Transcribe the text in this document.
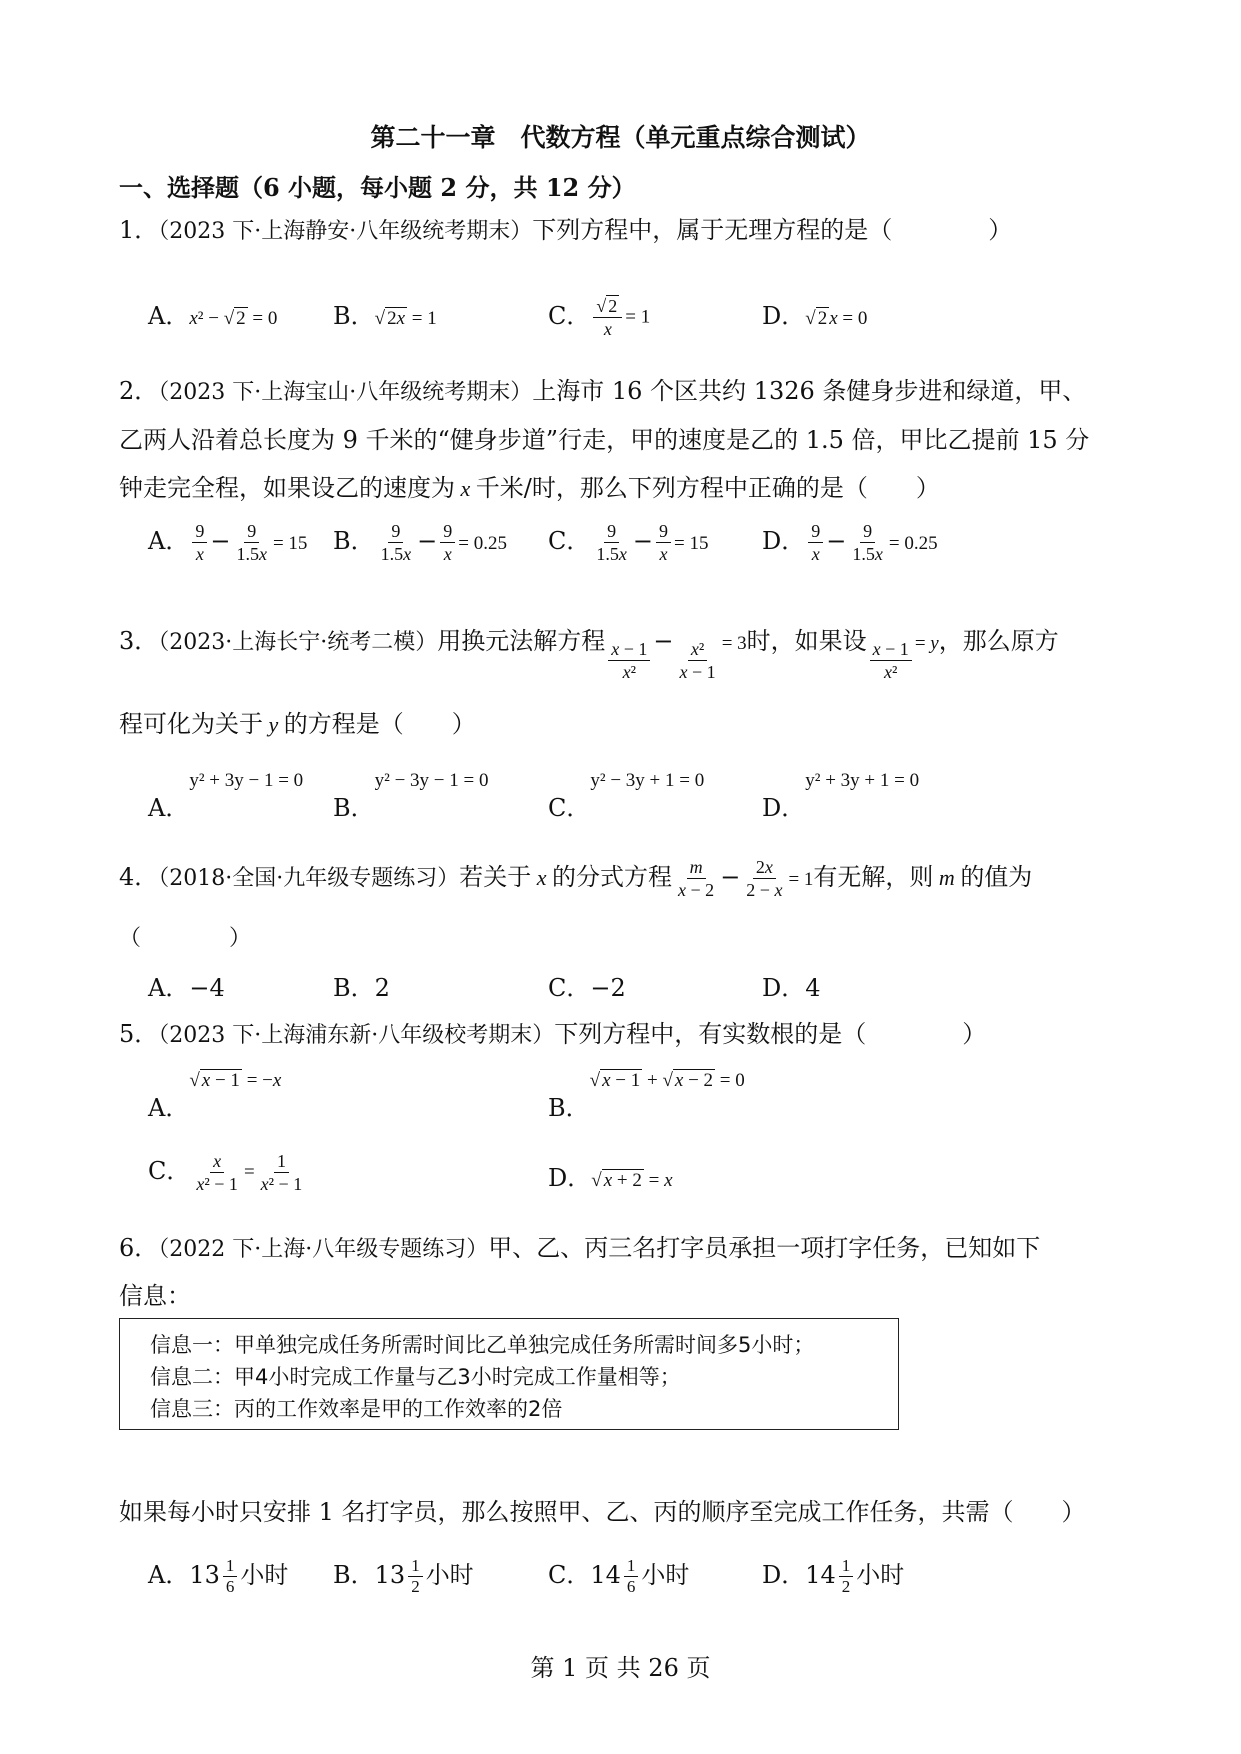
第二十一章　代数方程（单元重点综合测试）
一、选择题（6 小题，每小题 2 分，共 12 分）
1．（2023 下·上海静安·八年级统考期末）下列方程中，属于无理方程的是（　　　　）
A．x² − √ 2 = 0 B．√ 2x = 1	C． $\frac{√ 2}{x} = 1$	D．√ 2 x = 0
2．（2023 下·上海宝山·八年级统考期末）上海市 16 个区共约 1326 条健身步进和绿道，甲、
乙两人沿着总长度为 9 千米的“健身步道”行走，甲的速度是乙的 1.5 倍，甲比乙提前 15 分
钟走完全程，如果设乙的速度为 x 千米/时，那么下列方程中正确的是（　　）
A． $\frac{9}{x} - \frac{9}{1.5x} = 15$ B． $\frac{9}{1.5x} - \frac{9}{x} = 0.25$ C． $\frac{9}{1.5x} - \frac{9}{x} = 15$ D． $\frac{9}{x} - \frac{9}{1.5x} = 0.25$
3．（2023·上海长宁·统考二模）用换元法解方程 $\frac{x - 1}{\text{x²}} - \frac{\text{x²}}{x - 1} = 3$时，如果设 $\frac{x - 1}{\text{x²}} = y$，那么原方
程可化为关于 y 的方程是（　　）
A．$^{y^2 + 3y - 1 = 0}$
B．$^{y^2 - 3y - 1 = 0}$
C．$^{y^2 - 3y + 1 = 0}$
D．$^{y^2 + 3y + 1 = 0}$
4．（2018·全国·九年级专题练习）若关于 x 的分式方程 $\frac{m}{x - 2} - \frac{2x}{2 - x} = 1$有无解，则 m 的值为
（　　　　）
A．−4	B．2	C．−2	D．4
5．（2023 下·上海浦东新·八年级校考期末）下列方程中，有实数根的是（　　　　）
A．$^{√ x - 1 = -x}$
B．$^{√ x - 1 + √ x - 2 = 0}$
C． $\frac{x}{\text{x² − 1}} = \frac{1}{\text{x² − 1}}$	D．√ x + 2 = x
6．（2022 下·上海·八年级专题练习）甲、乙、丙三名打字员承担一项打字任务，已知如下
信息：
信息一：甲单独完成任务所需时间比乙单独完成任务所需时间多5小时；
信息二：甲4小时完成工作量与乙3小时完成工作量相等；
信息三：丙的工作效率是甲的工作效率的2倍
如果每小时只安排 1 名打字员，那么按照甲、乙、丙的顺序至完成工作任务，共需（　　）
A．$13 \frac{1}{6}$ 小时 B．$13 \frac{1}{2}$ 小时	C．$14 \frac{1}{6}$ 小时	D．$14 \frac{1}{2}$ 小时
第 1 页 共 26 页
